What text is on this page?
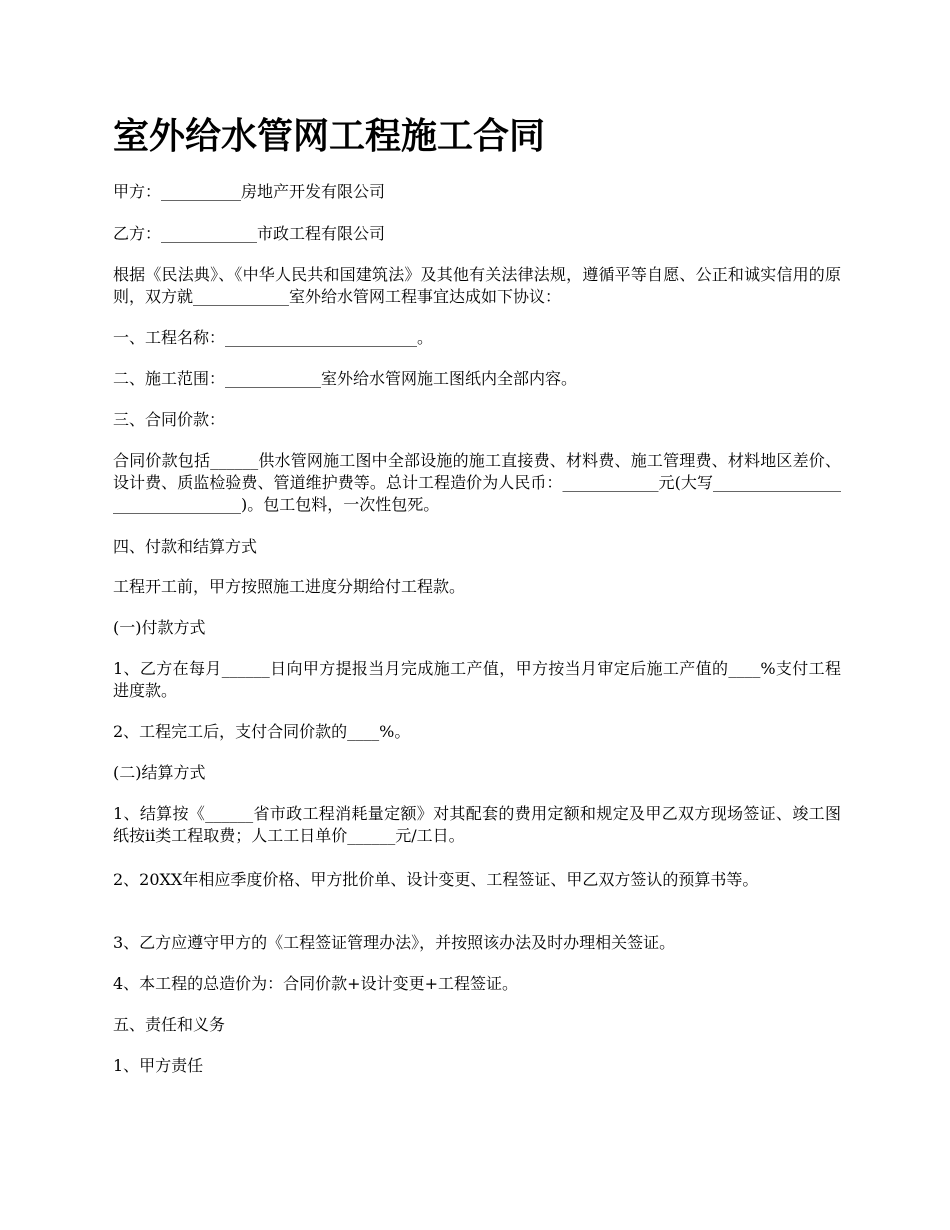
室外给水管网工程施工合同

甲方：__________房地产开发有限公司

乙方：____________市政工程有限公司

根据《民法典》、《中华人民共和国建筑法》及其他有关法律法规，遵循平等自愿、公正和诚实信用的原则，双方就____________室外给水管网工程事宜达成如下协议：

一、工程名称：________________________。

二、施工范围：____________室外给水管网施工图纸内全部内容。

三、合同价款：

合同价款包括______供水管网施工图中全部设施的施工直接费、材料费、施工管理费、材料地区差价、设计费、质监检验费、管道维护费等。总计工程造价为人民币：____________元(大写________________________________)。包工包料，一次性包死。

四、付款和结算方式

工程开工前，甲方按照施工进度分期给付工程款。

(一)付款方式

1、乙方在每月______日向甲方提报当月完成施工产值，甲方按当月审定后施工产值的____%支付工程进度款。

2、工程完工后，支付合同价款的____%。

(二)结算方式

1、结算按《______省市政工程消耗量定额》对其配套的费用定额和规定及甲乙双方现场签证、竣工图纸按ⅱ类工程取费；人工工日单价______元/工日。

2、20XX年相应季度价格、甲方批价单、设计变更、工程签证、甲乙双方签认的预算书等。

3、乙方应遵守甲方的《工程签证管理办法》，并按照该办法及时办理相关签证。

4、本工程的总造价为：合同价款+设计变更+工程签证。

五、责任和义务

1、甲方责任
